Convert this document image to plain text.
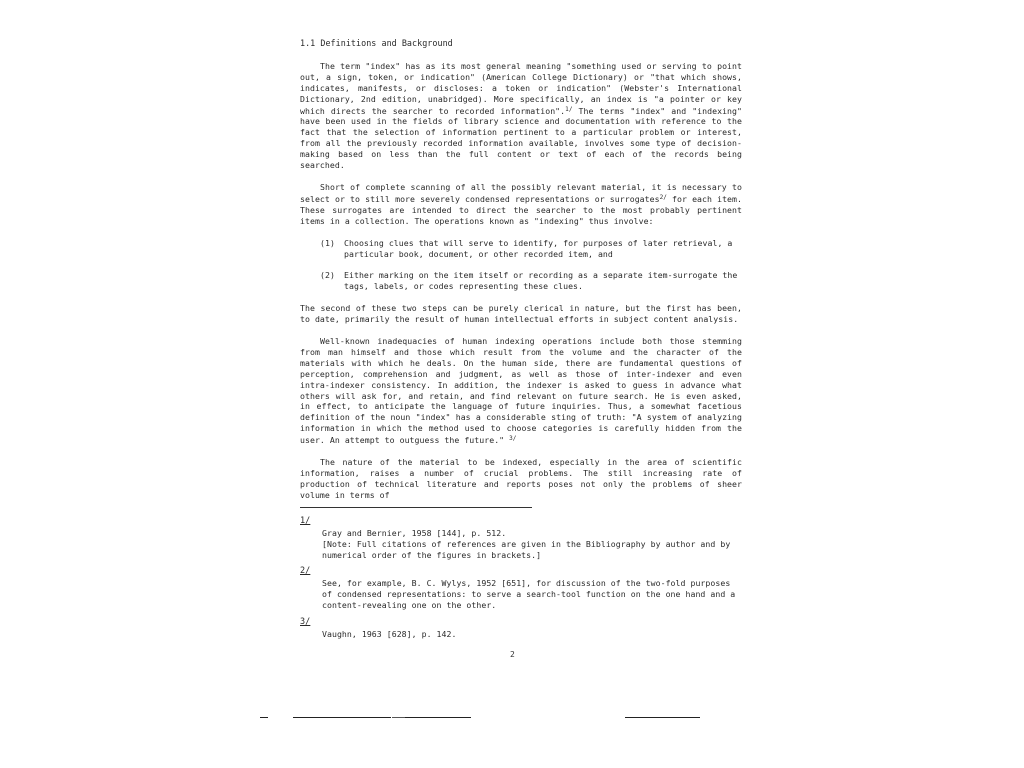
1.1 Definitions and Background

The term "index" has as its most general meaning "something used or serving to point out, a sign, token, or indication" (American College Dictionary) or "that which shows, indicates, manifests, or discloses: a token or indication" (Webster's International Dictionary, 2nd edition, unabridged). More specifically, an index is "a pointer or key which directs the searcher to recorded information".$^{1/}$ The terms "index" and "indexing" have been used in the fields of library science and documentation with reference to the fact that the selection of information pertinent to a particular problem or interest, from all the previously recorded information available, involves some type of decision-making based on less than the full content or text of each of the records being searched.

Short of complete scanning of all the possibly relevant material, it is necessary to select or to still more severely condensed representations or surrogates$^{2/}$ for each item. These surrogates are intended to direct the searcher to the most probably pertinent items in a collection. The operations known as "indexing" thus involve:

(1)	Choosing clues that will serve to identify, for purposes of later retrieval, a particular book, document, or other recorded item, and
(2)	Either marking on the item itself or recording as a separate item-surrogate the tags, labels, or codes representing these clues.

The second of these two steps can be purely clerical in nature, but the first has been, to date, primarily the result of human intellectual efforts in subject content analysis.

Well-known inadequacies of human indexing operations include both those stemming from man himself and those which result from the volume and the character of the materials with which he deals. On the human side, there are fundamental questions of perception, comprehension and judgment, as well as those of inter-indexer and even intra-indexer consistency. In addition, the indexer is asked to guess in advance what others will ask for, and retain, and find relevant on future search. He is even asked, in effect, to anticipate the language of future inquiries. Thus, a somewhat facetious definition of the noun "index" has a considerable sting of truth: "A system of analyzing information in which the method used to choose categories is carefully hidden from the user. An attempt to outguess the future." $^{3/}$

The nature of the material to be indexed, especially in the area of scientific information, raises a number of crucial problems. The still increasing rate of production of technical literature and reports poses not only the problems of sheer volume in terms of

1/
Gray and Bernier, 1958 [144], p. 512.
[Note: Full citations of references are given in the Bibliography by author and by numerical order of the figures in brackets.]
2/
See, for example, B. C. Wylys, 1952 [651], for discussion of the two-fold purposes of condensed representations: to serve a search-tool function on the one hand and a content-revealing one on the other.
3/
Vaughn, 1963 [628], p. 142.
2
